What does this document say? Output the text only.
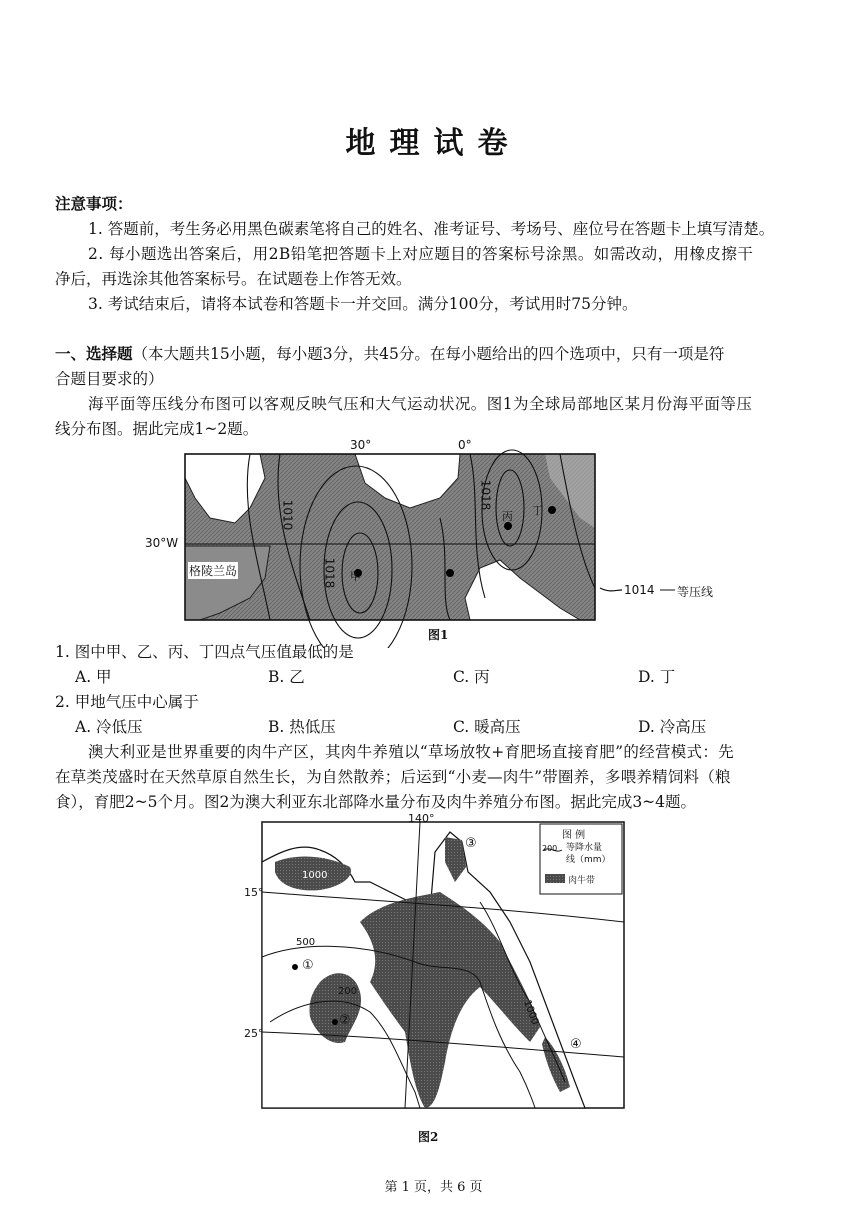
地理试卷
注意事项：
1. 答题前，考生务必用黑色碳素笔将自己的姓名、准考证号、考场号、座位号在答题卡上填写清楚。
2. 每小题选出答案后，用2B铅笔把答题卡上对应题目的答案标号涂黑。如需改动，用橡皮擦干
净后，再选涂其他答案标号。在试题卷上作答无效。
3. 考试结束后，请将本试卷和答题卡一并交回。满分100分，考试用时75分钟。
一、选择题（本大题共15小题，每小题3分，共45分。在每小题给出的四个选项中，只有一项是符
合题目要求的）
海平面等压线分布图可以客观反映气压和大气运动状况。图1为全球局部地区某月份海平面等压
线分布图。据此完成1~2题。
30°	0°
30°W
格陵兰岛
1010
1018
1018
甲
丙 丁
1014 等压线
图1
1. 图中甲、乙、丙、丁四点气压值最低的是
A. 甲	B. 乙	C. 丙	D. 丁
2. 甲地气压中心属于
A. 冷低压	B. 热低压	C. 暖高压	D. 冷高压
澳大利亚是世界重要的肉牛产区，其肉牛养殖以“草场放牧+育肥场直接育肥”的经营模式：先
在草类茂盛时在天然草原自然生长，为自然散养；后运到“小麦—肉牛”带圈养，多喂养精饲料（粮
食），育肥2~5个月。图2为澳大利亚东北部降水量分布及肉牛养殖分布图。据此完成3~4题。
140°
15°
25°
1000
500
200
1000
①
②
③
④
图 例
200 等降水量
线（mm）
肉牛带
图2
第 1 页，共 6 页
